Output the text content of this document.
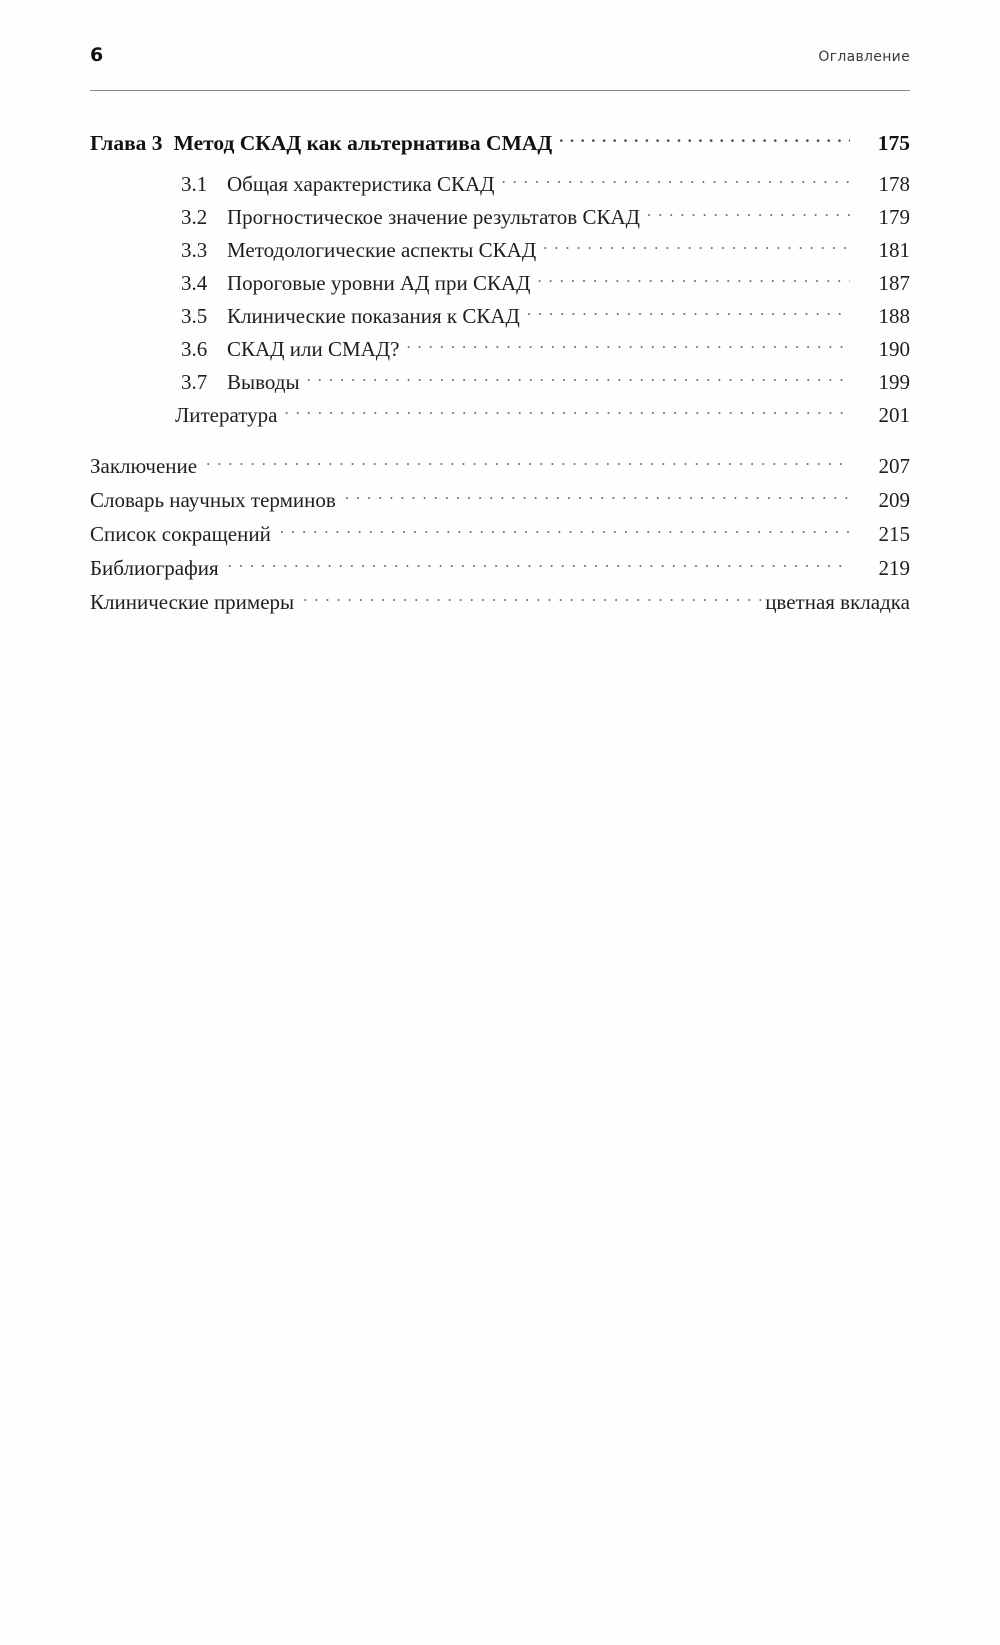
6	Оглавление
Глава 3 Метод СКАД как альтернатива СМАД . . .	175
3.1 Общая характеристика СКАД . . .	178
3.2 Прогностическое значение результатов СКАД . . .	179
3.3 Методологические аспекты СКАД . . .	181
3.4 Пороговые уровни АД при СКАД . . .	187
3.5 Клинические показания к СКАД . . .	188
3.6 СКАД или СМАД? . . .	190
3.7 Выводы . . .	199
Литература . . .	201
Заключение . . .	207
Словарь научных терминов . . .	209
Список сокращений . . .	215
Библиография . . .	219
Клинические примеры . . .	цветная вкладка
